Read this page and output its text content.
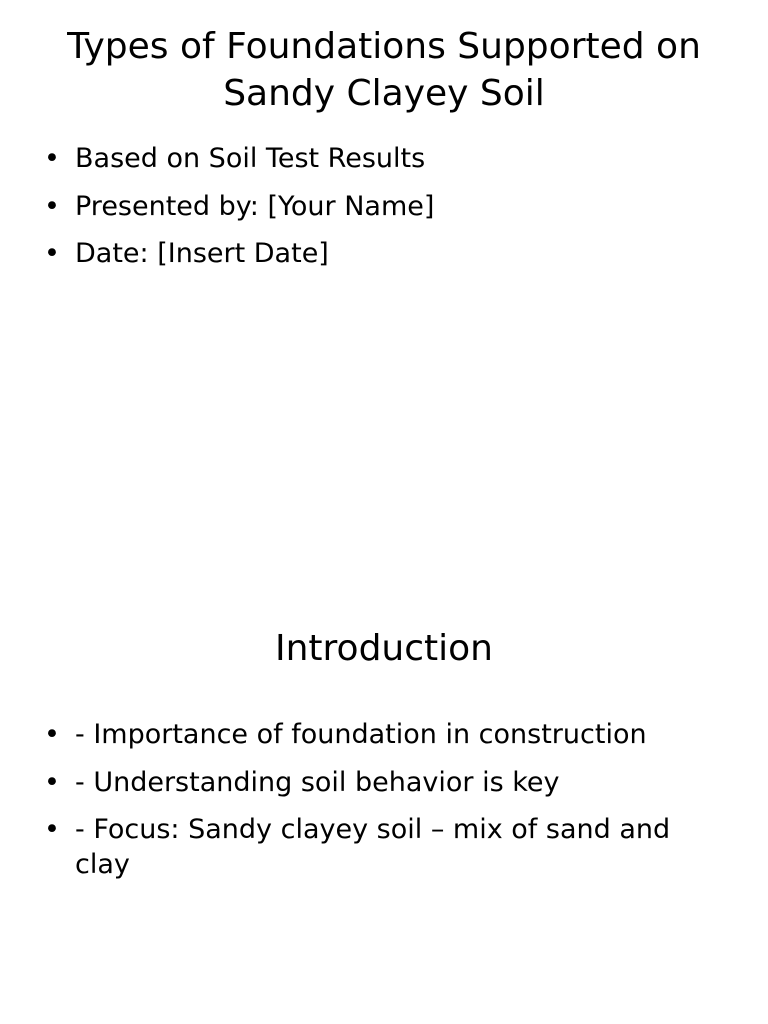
Types of Foundations Supported on Sandy Clayey Soil
• Based on Soil Test Results
• Presented by: [Your Name]
• Date: [Insert Date]
Introduction
• - Importance of foundation in construction
• - Understanding soil behavior is key
• - Focus: Sandy clayey soil – mix of sand and clay
